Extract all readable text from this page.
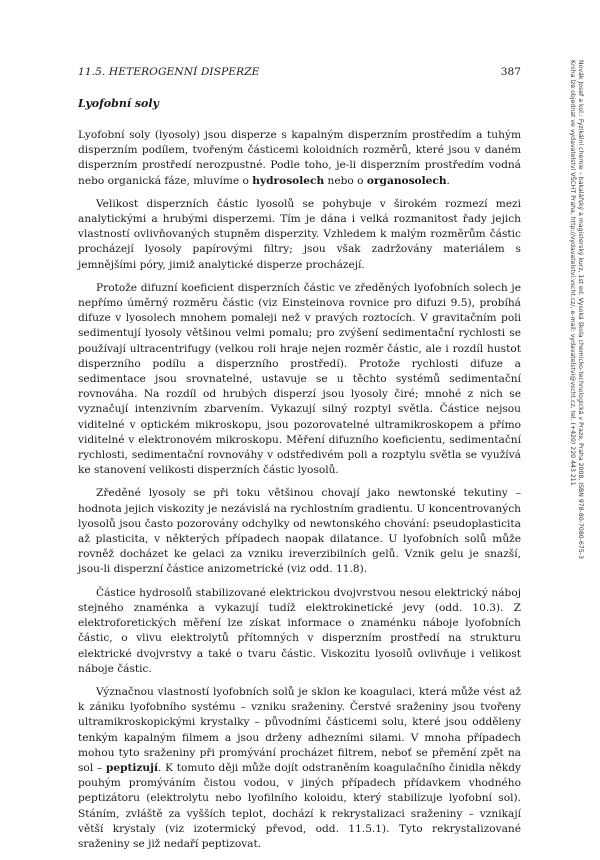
11.5. HETEROGENNÍ DISPERZE	387
Lyofobní soly

Lyofobní soly (lyosoly) jsou disperze s kapalným disperzním prostředím a tuhým disperzním podílem, tvořeným částicemi koloidních rozměrů, které jsou v daném disperzním prostředí nerozpustné. Podle toho, je-li disperzním prostředím vodná nebo organická fáze, mluvíme o hydrosolech nebo o organosolech.

Velikost disperzních částic lyosolů se pohybuje v širokém rozmezí mezi analytickými a hrubými disperzemi. Tím je dána i velká rozmanitost řady jejich vlastností ovlivňovaných stupněm disperzity. Vzhledem k malým rozměrům částic procházejí lyosoly papírovými filtry; jsou však zadržovány materiálem s jemnějšími póry, jimiž analytické disperze procházejí.

Protože difuzní koeficient disperzních částic ve zředěných lyofobních solech je nepřímo úměrný rozměru částic (viz Einsteinova rovnice pro difuzi 9.5), probíhá difuze v lyosolech mnohem pomaleji než v pravých roztocích. V gravitačním poli sedimentují lyosoly většinou velmi pomalu; pro zvýšení sedimentační rychlosti se používají ultracentrifugy (velkou roli hraje nejen rozměr částic, ale i rozdíl hustot disperzního podílu a disperzního prostředí). Protože rychlosti difuze a sedimentace jsou srovnatelné, ustavuje se u těchto systémů sedimentační rovnováha. Na rozdíl od hrubých disperzí jsou lyosoly čiré; mnohé z nich se vyznačují intenzivním zbarvením. Vykazují silný rozptyl světla. Částice nejsou viditelné v optickém mikroskopu, jsou pozorovatelné ultramikroskopem a přímo viditelné v elektronovém mikroskopu. Měření difuzního koeficientu, sedimentační rychlosti, sedimentační rovnováhy v odstředivém poli a rozptylu světla se využívá ke stanovení velikosti disperzních částic lyosolů.

Zředěné lyosoly se při toku většinou chovají jako newtonské tekutiny – hodnota jejich viskozity je nezávislá na rychlostním gradientu. U koncentrovaných lyosolů jsou často pozorovány odchylky od newtonského chování: pseudoplasticita až plasticita, v některých případech naopak dilatance. U lyofobních solů může rovněž docházet ke gelaci za vzniku ireverzibilních gelů. Vznik gelu je snazší, jsou-li disperzní částice anizometrické (viz odd. 11.8).

Částice hydrosolů stabilizované elektrickou dvojvrstvou nesou elektrický náboj stejného znaménka a vykazují tudíž elektrokinetické jevy (odd. 10.3). Z elektroforetických měření lze získat informace o znaménku náboje lyofobních částic, o vlivu elektrolytů přítomných v disperzním prostředí na strukturu elektrické dvojvrstvy a také o tvaru částic. Viskozitu lyosolů ovlivňuje i velikost náboje částic.

Význačnou vlastností lyofobních solů je sklon ke koagulaci, která může vést až k zániku lyofobního systému – vzniku sraženiny. Čerstvé sraženiny jsou tvořeny ultramikroskopickými krystalky – původními částicemi solu, které jsou odděleny tenkým kapalným filmem a jsou drženy adhezními silami. V mnoha případech mohou tyto sraženiny při promývání procházet filtrem, neboť se přemění zpět na sol – peptizují. K tomuto ději může dojít odstraněním koagulačního činidla někdy pouhým promýváním čistou vodou, v jiných případech přídavkem vhodného peptizátoru (elektrolytu nebo lyofilního koloidu, který stabilizuje lyofobní sol). Stáním, zvláště za vyšších teplot, dochází k rekrystalizaci sraženiny – vznikají větší krystaly (viz izotermický převod, odd. 11.5.1). Tyto rekrystalizované sraženiny se již nedaří peptizovat.

Novák Josef a kol.: Fyzikální chemie – bakalářský a magisterský kurz, 1st ed. Vysoká škola chemicko-technologická v Praze, Praha 2008, ISBN 978-80-7080-675-3
Kniha lze objednat ve vydavatelství VŠCHT Praha, http://vydavatelstvi.vscht.cz/, e-mail: vydavatelstvi@vscht.cz, tel. (+420) 220 443 211
